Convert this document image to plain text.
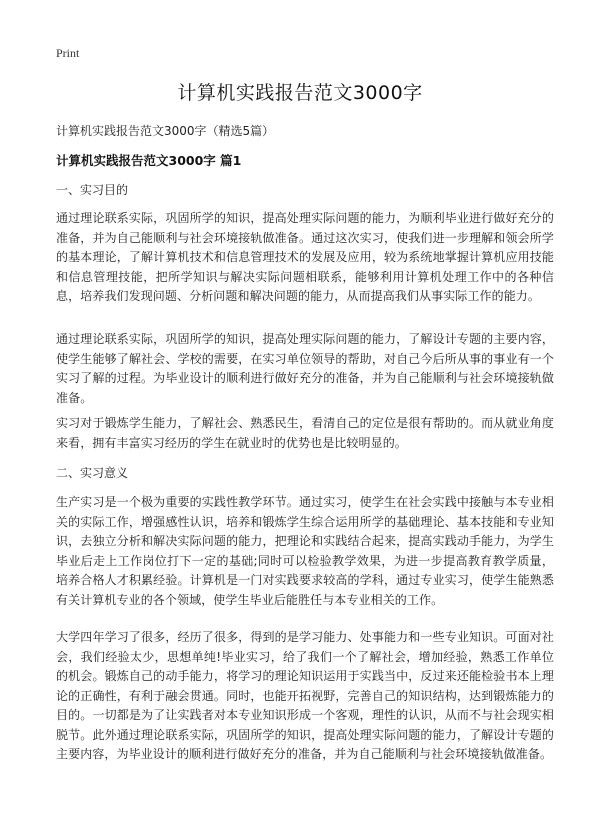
Print
计算机实践报告范文3000字
计算机实践报告范文3000字（精选5篇）
计算机实践报告范文3000字 篇1
一、实习目的
通过理论联系实际，巩固所学的知识，提高处理实际问题的能力，为顺利毕业进行做好充分的准备，并为自己能顺利与社会环境接轨做准备。通过这次实习，使我们进一步理解和领会所学的基本理论，了解计算机技术和信息管理技术的发展及应用，较为系统地掌握计算机应用技能和信息管理技能，把所学知识与解决实际问题相联系，能够利用计算机处理工作中的各种信息，培养我们发现问题、分析问题和解决问题的能力，从而提高我们从事实际工作的能力。
通过理论联系实际，巩固所学的知识，提高处理实际问题的能力，了解设计专题的主要内容，使学生能够了解社会、学校的需要，在实习单位领导的帮助，对自己今后所从事的事业有一个实习了解的过程。为毕业设计的顺利进行做好充分的准备，并为自己能顺利与社会环境接轨做准备。
实习对于锻炼学生能力，了解社会、熟悉民生，看清自己的定位是很有帮助的。而从就业角度来看，拥有丰富实习经历的学生在就业时的优势也是比较明显的。
二、实习意义
生产实习是一个极为重要的实践性教学环节。通过实习，使学生在社会实践中接触与本专业相关的实际工作，增强感性认识，培养和锻炼学生综合运用所学的基础理论、基本技能和专业知识，去独立分析和解决实际问题的能力，把理论和实践结合起来，提高实践动手能力，为学生毕业后走上工作岗位打下一定的基础;同时可以检验教学效果，为进一步提高教育教学质量，培养合格人才积累经验。计算机是一门对实践要求较高的学科，通过专业实习，使学生能熟悉有关计算机专业的各个领域，使学生毕业后能胜任与本专业相关的工作。
大学四年学习了很多，经历了很多，得到的是学习能力、处事能力和一些专业知识。可面对社会，我们经验太少，思想单纯!毕业实习，给了我们一个了解社会，增加经验，熟悉工作单位的机会。锻炼自己的动手能力，将学习的理论知识运用于实践当中，反过来还能检验书本上理论的正确性，有利于融会贯通。同时，也能开拓视野，完善自己的知识结构，达到锻炼能力的目的。一切都是为了让实践者对本专业知识形成一个客观，理性的认识，从而不与社会现实相脱节。此外通过理论联系实际，巩固所学的知识，提高处理实际问题的能力，了解设计专题的主要内容，为毕业设计的顺利进行做好充分的准备，并为自己能顺利与社会环境接轨做准备。
